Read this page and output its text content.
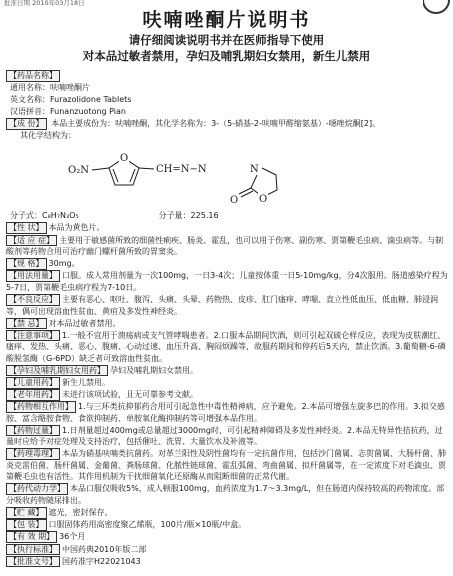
批准日期 2010年03月18日
呋喃唑酮片说明书
请仔细阅读说明书并在医师指导下使用
对本品过敏者禁用，孕妇及哺乳期妇女禁用，新生儿禁用
【药品名称】
通用名称：呋喃唑酮片
英文名称：Furazolidone Tablets
汉语拼音：Funanzuotong Pian
【成 份】 本品主要成份为：呋喃唑酮，其化学名称为：3-（5-硝基-2-呋喃甲醛缩氨基）-噁唑烷酮[2]。
其化学结构为：
O
O₂N	CH=N−N	N
O O
分子式：C₈H₇N₃O₅	分子量：225.16
【性 状】 本品为黄色片。
【适 应 症】 主要用于敏感菌所致的细菌性痢疾、肠炎、霍乱，也可以用于伤寒、副伤寒、贾第鞭毛虫病、滴虫病等。与制酸剂等药物合用可治疗幽门螺杆菌所致的胃窦炎。
【规 格】 30mg。
【用法用量】 口服。成人常用剂量为一次100mg，一日3-4次；儿童按体重一日5-10mg/kg，分4次服用。肠道感染疗程为5-7日，贾第鞭毛虫病疗程为7-10日。
【不良反应】 主要有恶心、呕吐、腹泻、头痛、头晕、药物热、皮疹、肛门瘙痒、哮喘、直立性低血压、低血糖、肺浸润等，偶可出现溶血性贫血、黄疸及多发性神经炎。
【禁 忌】 对本品过敏者禁用。
【注意事项】 1.一般不宜用于溃疡病或支气管哮喘患者。2.口服本品期间饮酒，则可引起双硫仑样反应，表现为皮肤潮红、瘙痒、发热、头痛、恶心、腹痛、心动过速、血压升高、胸闷烦躁等，故服药期间和停药后5天内，禁止饮酒。3.葡萄糖-6-磷酸脱氢酶（G-6PD）缺乏者可致溶血性贫血。
【孕妇及哺乳期妇女用药】 孕妇及哺乳期妇女禁用。
【儿童用药】 新生儿禁用。
【老年用药】 未进行该项试验，且无可靠参考文献。
【药物相互作用】 1.与三环类抗抑郁药合用可引起急性中毒性精神病，应予避免。2.本品可增强左旋多巴的作用。3.拟交感胺、富含酪胺食物、食欲抑制药、单胺氧化酶抑制药等可增强本品作用。
【药物过量】 1.日剂量超过400mg或总量超过3000mg时，可引起精神障碍及多发性神经炎。2.本品无特异性拮抗药，过量时应给予对症处理及支持治疗，包括催吐、洗胃、大量饮水及补液等。
【药理毒理】 本品为硝基呋喃类抗菌药。对革兰阳性及阴性菌均有一定抗菌作用，包括沙门菌属、志贺菌属、大肠杆菌、肺炎克雷伯菌、肠杆菌属、金葡菌、粪肠球菌、化脓性链球菌、霍乱弧菌、弯曲菌属、拟杆菌属等，在一定浓度下对毛滴虫、贾第鞭毛虫也有活性。其作用机制为干扰细菌氧化还原酶从而阻断细菌的正常代谢。
【药代动力学】 本品口服仅吸收5%，成人顿服100mg，血药浓度为1.7～3.3mg/L，但在肠道内保持较高的药物浓度。部分吸收药物随尿排出。
【贮 藏】 遮光，密封保存。
【包 装】 口服固体药用高密度聚乙烯瓶，100片/瓶×10瓶/中盒。
【有 效 期】 36个月
【执行标准】 中国药典2010年版二部
【批准文号】 国药准字H22021043
